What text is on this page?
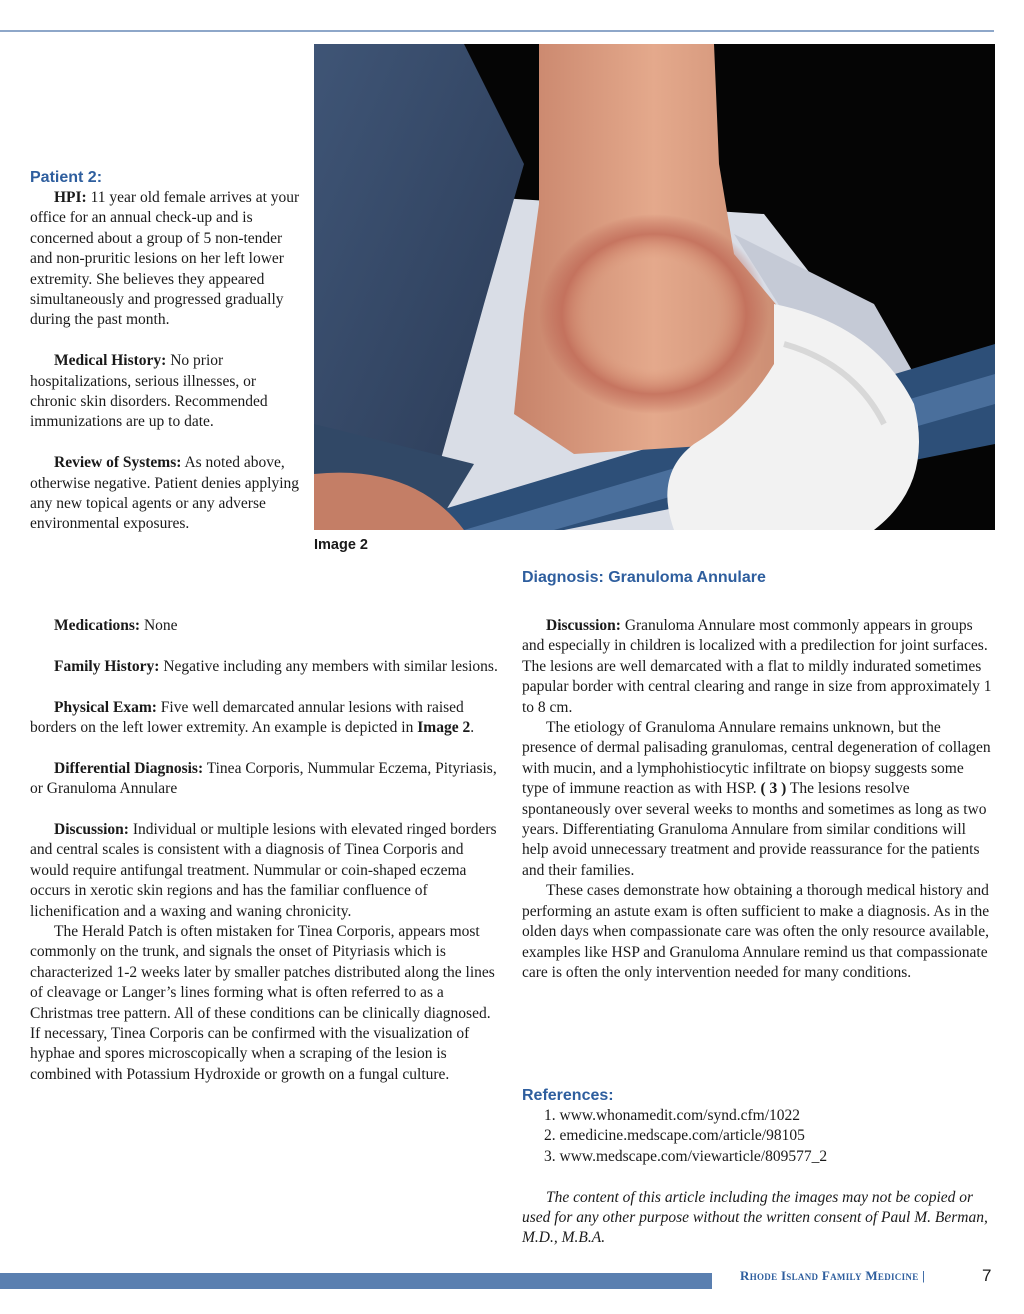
Image 2
Patient 2:

HPI: 11 year old female arrives at your office for an annual check-up and is concerned about a group of 5 non-tender and non-pruritic lesions on her left lower extremity. She believes they appeared simultaneously and progressed gradually during the past month.

Medical History: No prior hospitalizations, serious illnesses, or chronic skin disorders. Recommended immunizations are up to date.

Review of Systems: As noted above, otherwise negative. Patient denies applying any new topical agents or any adverse environmental exposures.

Medications: None

Family History: Negative including any members with similar lesions.

Physical Exam: Five well demarcated annular lesions with raised borders on the left lower extremity. An example is depicted in Image 2.

Differential Diagnosis: Tinea Corporis, Nummular Eczema, Pityriasis, or Granuloma Annulare

Discussion: Individual or multiple lesions with elevated ringed borders and central scales is consistent with a diagnosis of Tinea Corporis and would require antifungal treatment. Nummular or coin-shaped eczema occurs in xerotic skin regions and has the familiar confluence of lichenification and a waxing and waning chronicity.

The Herald Patch is often mistaken for Tinea Corporis, appears most commonly on the trunk, and signals the onset of Pityriasis which is characterized 1-2 weeks later by smaller patches distributed along the lines of cleavage or Langer’s lines forming what is often referred to as a Christmas tree pattern. All of these conditions can be clinically diagnosed. If necessary, Tinea Corporis can be confirmed with the visualization of hyphae and spores microscopically when a scraping of the lesion is combined with Potassium Hydroxide or growth on a fungal culture.

Diagnosis: Granuloma Annulare

Discussion: Granuloma Annulare most commonly appears in groups and especially in children is localized with a predilection for joint surfaces. The lesions are well demarcated with a flat to mildly indurated sometimes papular border with central clearing and range in size from approximately 1 to 8 cm.

The etiology of Granuloma Annulare remains unknown, but the presence of dermal palisading granulomas, central degeneration of collagen with mucin, and a lymphohistiocytic infiltrate on biopsy suggests some type of immune reaction as with HSP. ( 3 ) The lesions resolve spontaneously over several weeks to months and sometimes as long as two years. Differentiating Granuloma Annulare from similar conditions will help avoid unnecessary treatment and provide reassurance for the patients and their families.

These cases demonstrate how obtaining a thorough medical history and performing an astute exam is often sufficient to make a diagnosis. As in the olden days when compassionate care was often the only resource available, examples like HSP and Granuloma Annulare remind us that compassionate care is often the only intervention needed for many conditions.

References:
1. www.whonamedit.com/synd.cfm/1022
2. emedicine.medscape.com/article/98105
3. www.medscape.com/viewarticle/809577_2

The content of this article including the images may not be copied or used for any other purpose without the written consent of Paul M. Berman, M.D., M.B.A.

Rhode Island Family Medicine |	7
